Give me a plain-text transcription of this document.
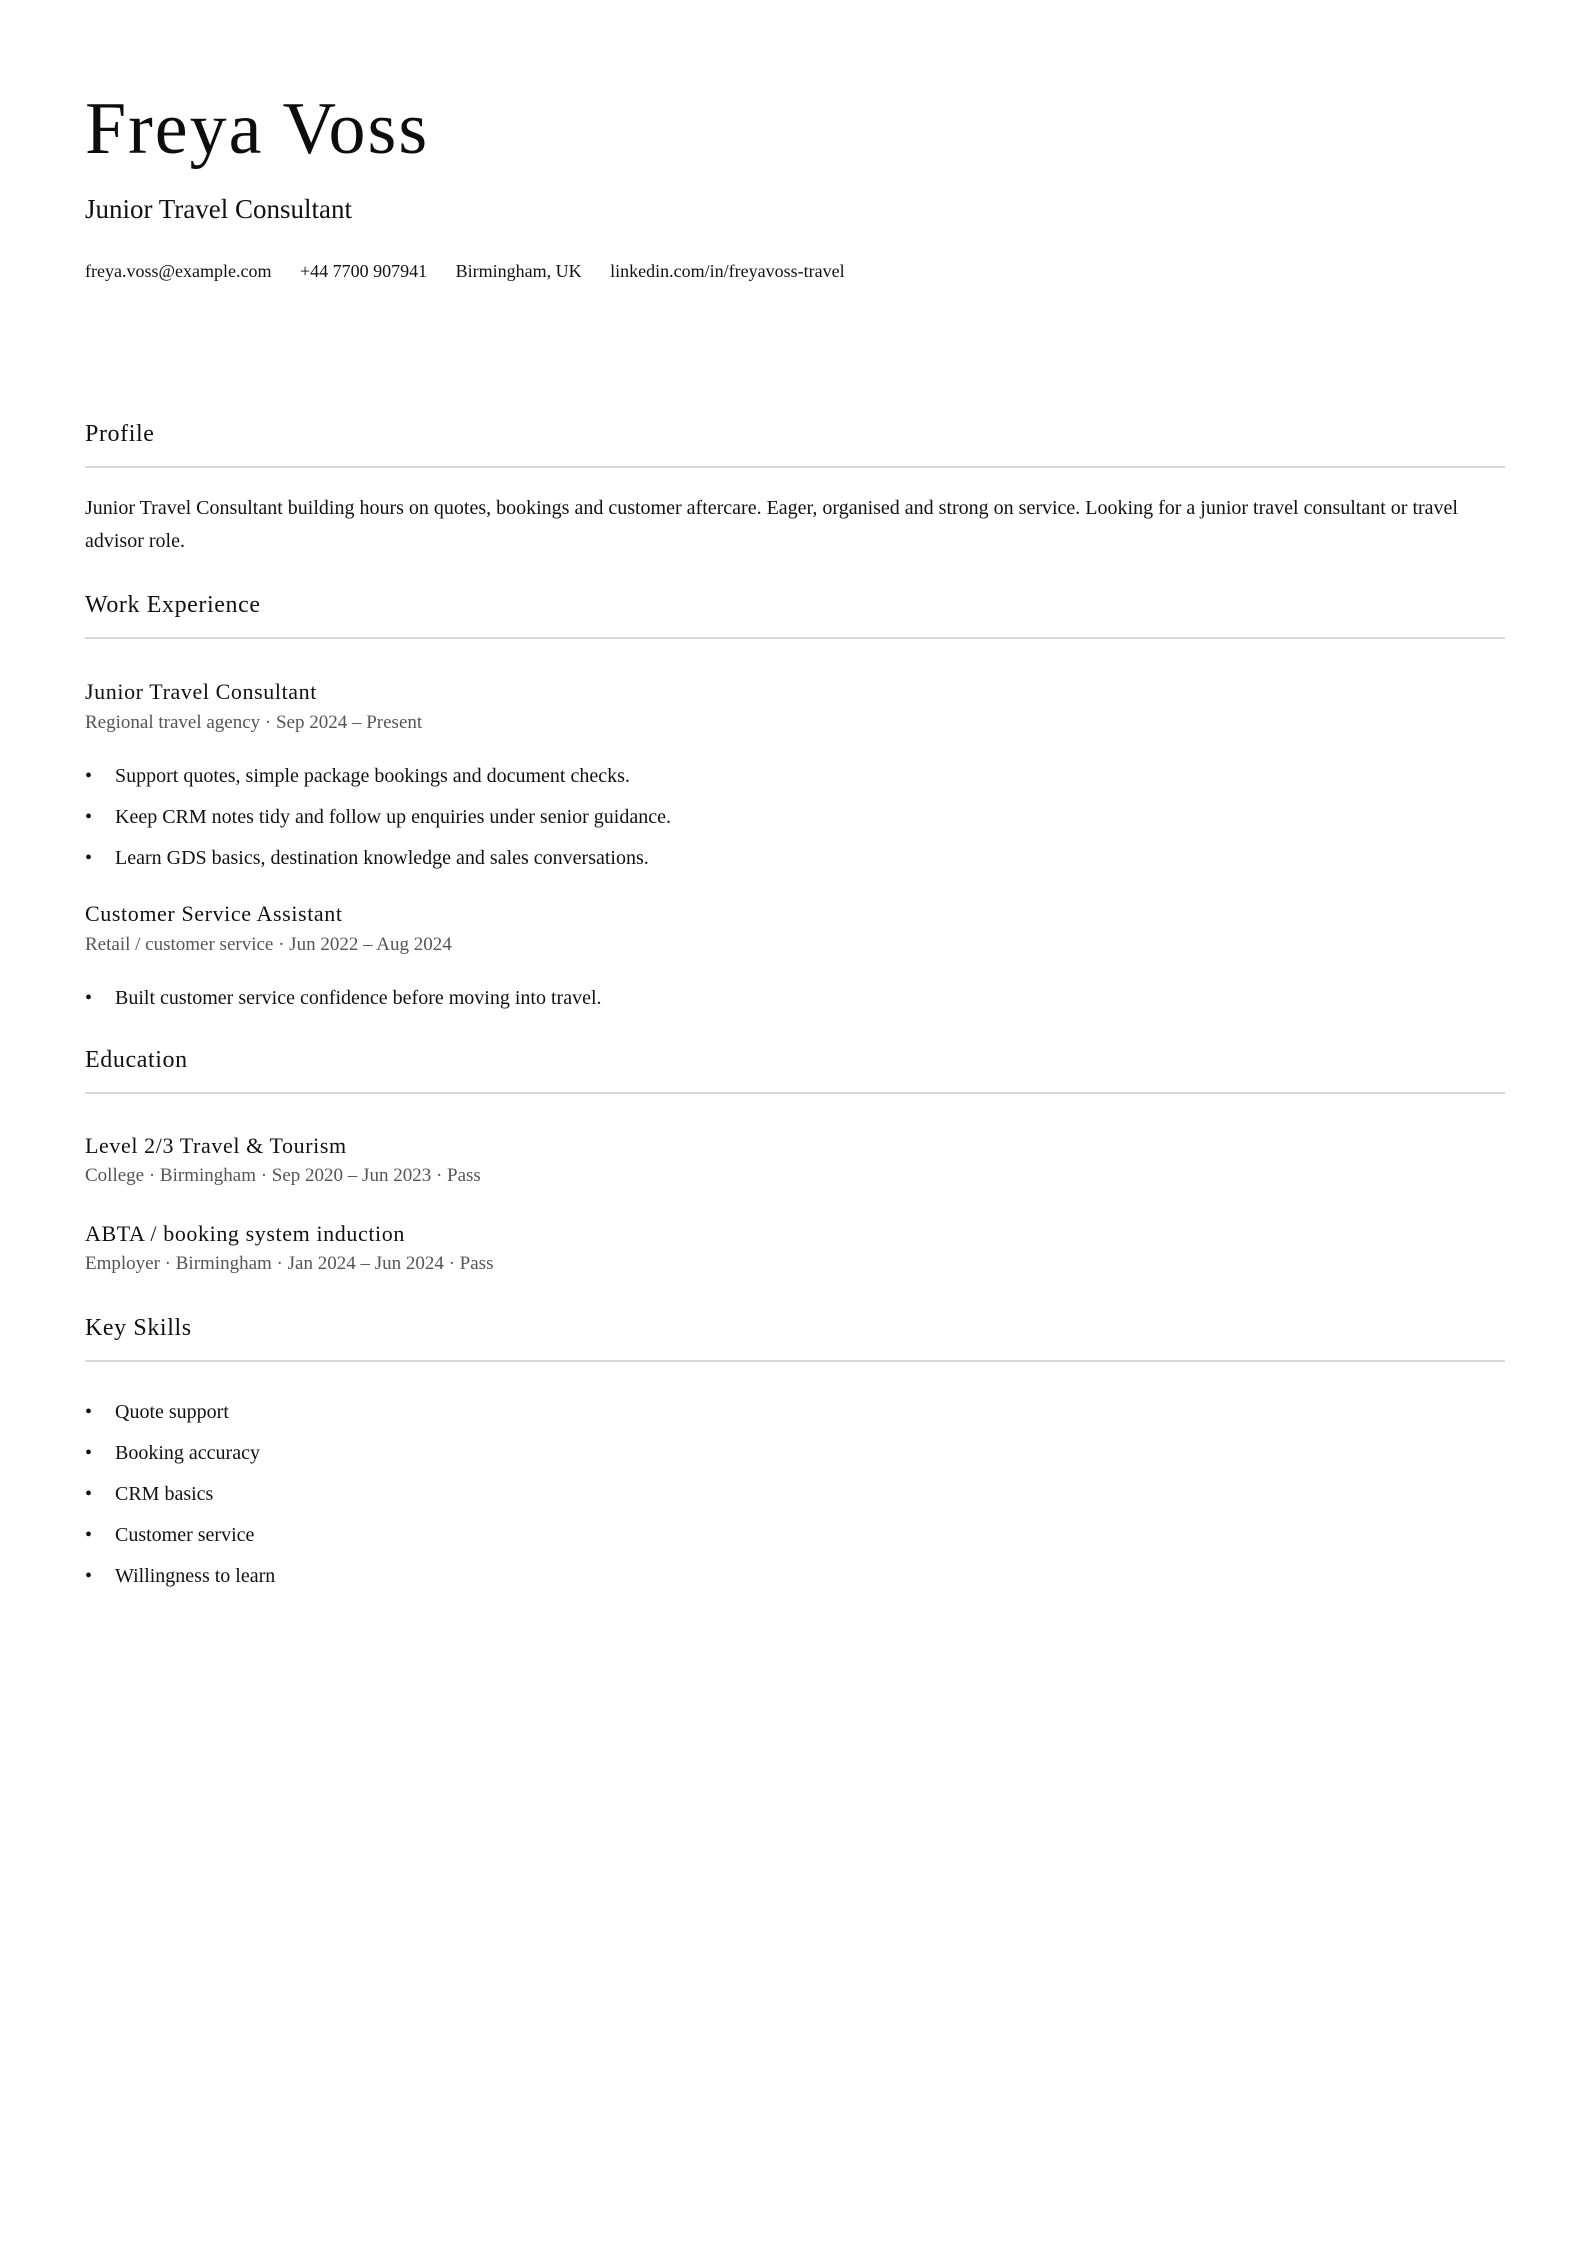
Freya Voss
Junior Travel Consultant
freya.voss@example.com +44 7700 907941 Birmingham, UK linkedin.com/in/freyavoss-travel
Profile

Junior Travel Consultant building hours on quotes, bookings and customer aftercare. Eager, organised and strong on service. Looking for a junior travel consultant or travel advisor role.

Work Experience
Junior Travel Consultant
Regional travel agency · Sep 2024 – Present
• Support quotes, simple package bookings and document checks.
• Keep CRM notes tidy and follow up enquiries under senior guidance.
• Learn GDS basics, destination knowledge and sales conversations.
Customer Service Assistant
Retail / customer service · Jun 2022 – Aug 2024
• Built customer service confidence before moving into travel.
Education
Level 2/3 Travel & Tourism
College · Birmingham · Sep 2020 – Jun 2023 · Pass
ABTA / booking system induction
Employer · Birmingham · Jan 2024 – Jun 2024 · Pass
Key Skills
• Quote support
• Booking accuracy
• CRM basics
• Customer service
• Willingness to learn
